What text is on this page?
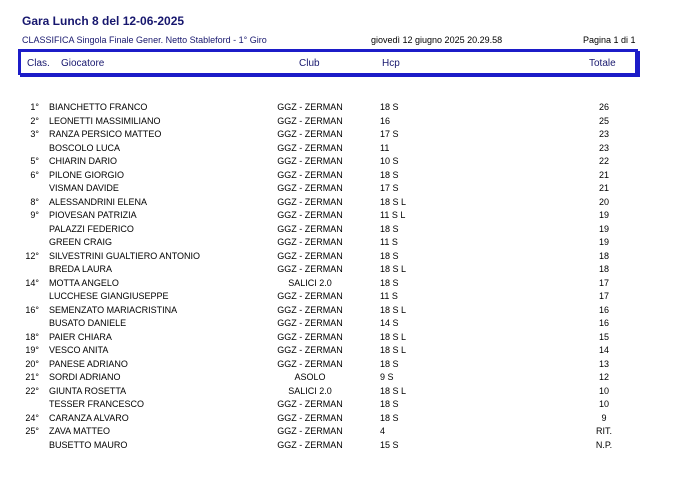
Gara Lunch 8 del 12-06-2025
CLASSIFICA Singola Finale Gener. Netto Stableford - 1° Giro	giovedì 12 giugno 2025 20.29.58	Pagina 1 di 1
Clas. Giocatore	Club	Hcp	Totale
1° BIANCHETTO FRANCO	GGZ - ZERMAN	18 S	26
2° LEONETTI MASSIMILIANO	GGZ - ZERMAN	16	25
3° RANZA PERSICO MATTEO	GGZ - ZERMAN	17 S	23
BOSCOLO LUCA	GGZ - ZERMAN	11	23
5° CHIARIN DARIO	GGZ - ZERMAN	10 S	22
6° PILONE GIORGIO	GGZ - ZERMAN	18 S	21
VISMAN DAVIDE	GGZ - ZERMAN	17 S	21
8° ALESSANDRINI ELENA	GGZ - ZERMAN	18 S L	20
9° PIOVESAN PATRIZIA	GGZ - ZERMAN	11 S L	19
PALAZZI FEDERICO	GGZ - ZERMAN	18 S	19
GREEN CRAIG	GGZ - ZERMAN	11 S	19
12° SILVESTRINI GUALTIERO ANTONIO	GGZ - ZERMAN	18 S	18
BREDA LAURA	GGZ - ZERMAN	18 S L	18
14° MOTTA ANGELO	SALICI 2.0	18 S	17
LUCCHESE GIANGIUSEPPE	GGZ - ZERMAN	11 S	17
16° SEMENZATO MARIACRISTINA	GGZ - ZERMAN	18 S L	16
BUSATO DANIELE	GGZ - ZERMAN	14 S	16
18° PAIER CHIARA	GGZ - ZERMAN	18 S L	15
19° VESCO ANITA	GGZ - ZERMAN	18 S L	14
20° PANESE ADRIANO	GGZ - ZERMAN	18 S	13
21° SORDI ADRIANO	ASOLO	9 S	12
22° GIUNTA ROSETTA	SALICI 2.0	18 S L	10
TESSER FRANCESCO	GGZ - ZERMAN	18 S	10
24° CARANZA ALVARO	GGZ - ZERMAN	18 S	9
25° ZAVA MATTEO	GGZ - ZERMAN	4	RIT.
BUSETTO MAURO	GGZ - ZERMAN	15 S	N.P.
